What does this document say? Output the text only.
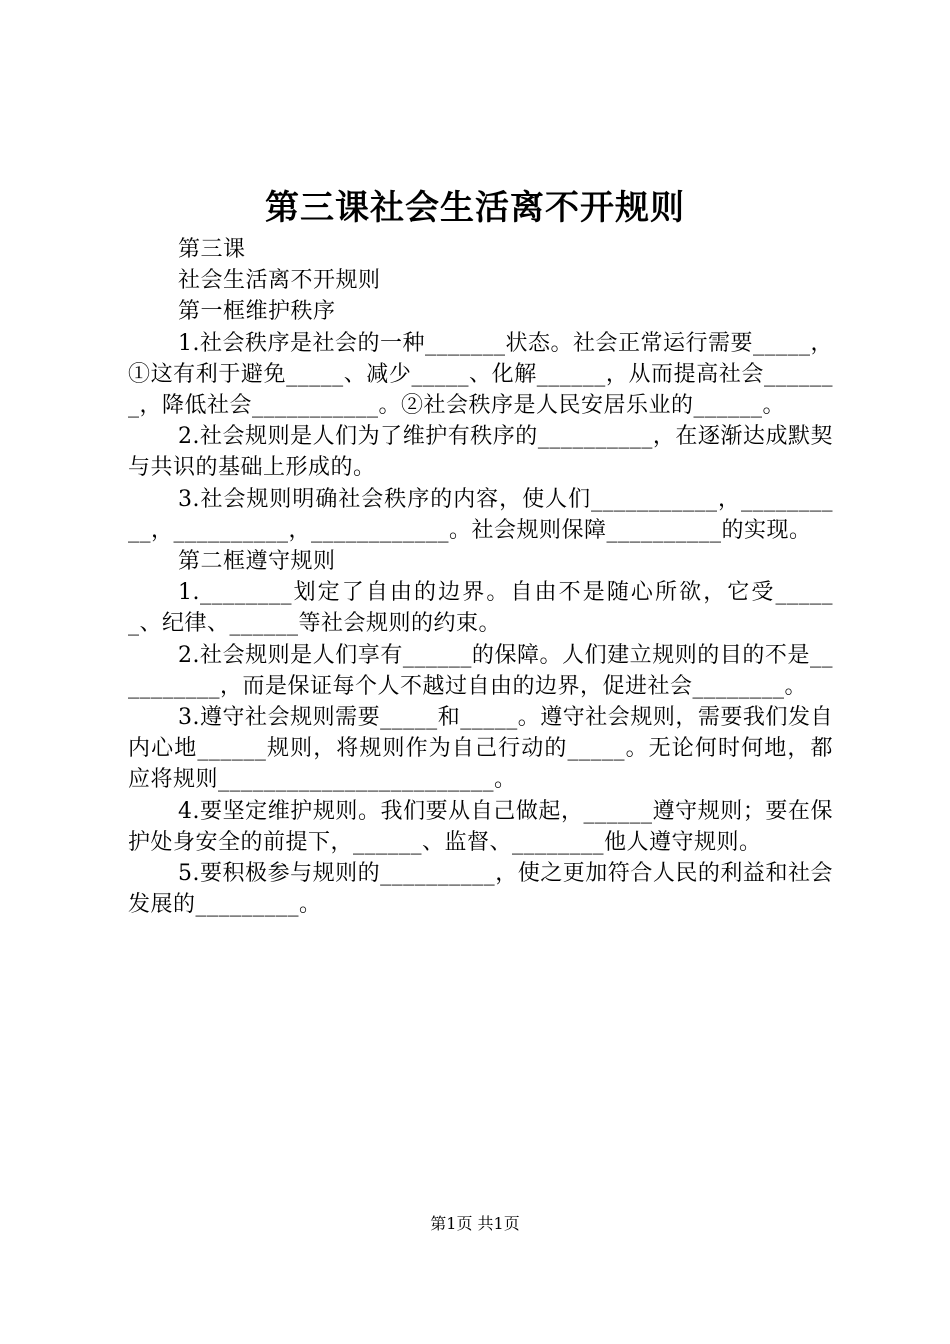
第三课社会生活离不开规则

第三课

社会生活离不开规则

第一框维护秩序

1.社会秩序是社会的一种_______状态。社会正常运行需要_____，①这有利于避免_____、减少_____、化解______，从而提高社会_______，降低社会___________。②社会秩序是人民安居乐业的______。

2.社会规则是人们为了维护有秩序的__________，在逐渐达成默契与共识的基础上形成的。

3.社会规则明确社会秩序的内容，使人们___________，__________，__________，____________。社会规则保障__________的实现。

第二框遵守规则

1.________划定了自由的边界。自由不是随心所欲，它受______、纪律、______等社会规则的约束。

2.社会规则是人们享有______的保障。人们建立规则的目的不是__________，而是保证每个人不越过自由的边界，促进社会________。

3.遵守社会规则需要_____和_____。遵守社会规则，需要我们发自内心地______规则，将规则作为自己行动的_____。无论何时何地，都应将规则________________________。

4.要坚定维护规则。我们要从自己做起，______遵守规则；要在保护处身安全的前提下，______、监督、________他人遵守规则。

5.要积极参与规则的__________，使之更加符合人民的利益和社会发展的_________。

第1页 共1页
